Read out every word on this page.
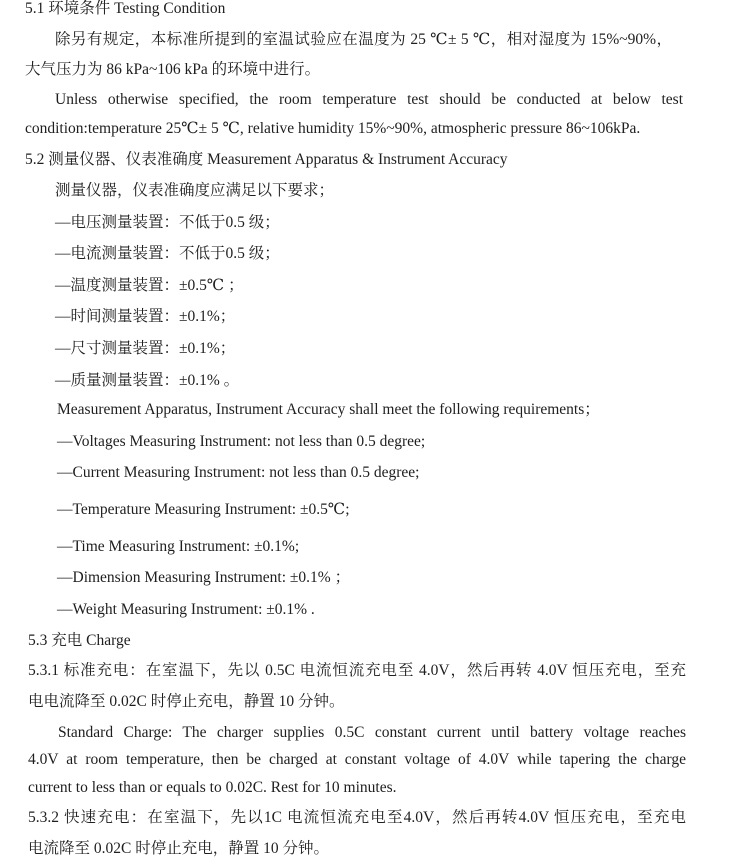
5.1 环境条件 Testing Condition
除另有规定，本标准所提到的室温试验应在温度为 25 ℃± 5 ℃，相对湿度为 15%~90%，
大气压力为 86 kPa~106 kPa 的环境中进行。
Unless otherwise specified, the room temperature test should be conducted at below test
condition:temperature 25℃± 5 ℃, relative humidity 15%~90%, atmospheric pressure 86~106kPa.
5.2 测量仪器、仪表准确度 Measurement Apparatus & Instrument Accuracy
测量仪器，仪表准确度应满足以下要求；
—电压测量装置：不低于0.5 级；
—电流测量装置：不低于0.5 级；
—温度测量装置：±0.5℃ ；
—时间测量装置：±0.1%；
—尺寸测量装置：±0.1%；
—质量测量装置：±0.1% 。
Measurement Apparatus, Instrument Accuracy shall meet the following requirements；
—Voltages Measuring Instrument: not less than 0.5 degree;
—Current Measuring Instrument: not less than 0.5 degree;
—Temperature Measuring Instrument: ±0.5℃;
—Time Measuring Instrument: ±0.1%;
—Dimension Measuring Instrument: ±0.1% ；
—Weight Measuring Instrument: ±0.1% .
5.3 充电 Charge
5.3.1 标准充电：在室温下，先以 0.5C 电流恒流充电至 4.0V，然后再转 4.0V 恒压充电，至充
电电流降至 0.02C 时停止充电，静置 10 分钟。
Standard Charge: The charger supplies 0.5C constant current until battery voltage reaches
4.0V at room temperature, then be charged at constant voltage of 4.0V while tapering the charge
current to less than or equals to 0.02C. Rest for 10 minutes.
5.3.2 快速充电：在室温下，先以1C 电流恒流充电至4.0V，然后再转4.0V 恒压充电，至充电
电流降至 0.02C 时停止充电，静置 10 分钟。
